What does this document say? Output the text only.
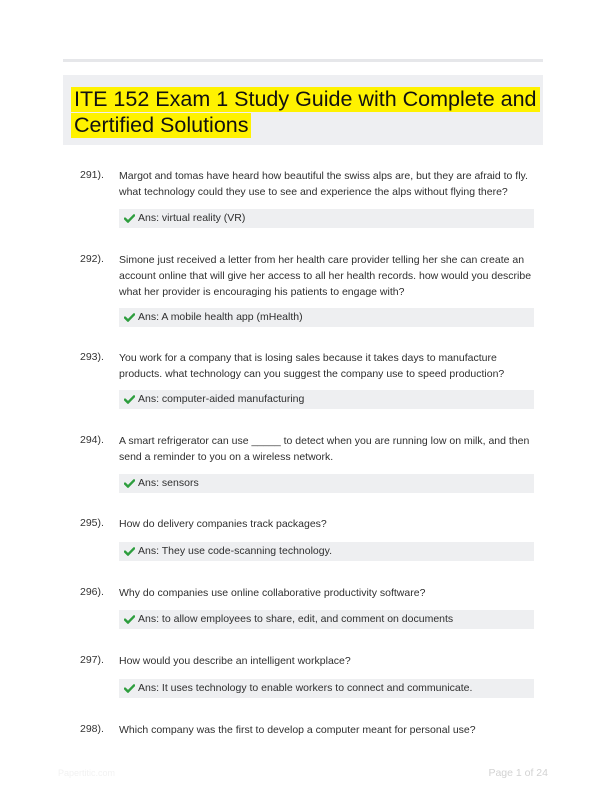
ITE 152 Exam 1 Study Guide with Complete and Certified Solutions
291). Margot and tomas have heard how beautiful the swiss alps are, but they are afraid to fly. what technology could they use to see and experience the alps without flying there?
Ans: virtual reality (VR)
292). Simone just received a letter from her health care provider telling her she can create an account online that will give her access to all her health records. how would you describe what her provider is encouraging his patients to engage with?
Ans: A mobile health app (mHealth)
293). You work for a company that is losing sales because it takes days to manufacture products. what technology can you suggest the company use to speed production?
Ans: computer-aided manufacturing
294). A smart refrigerator can use _____ to detect when you are running low on milk, and then send a reminder to you on a wireless network.
Ans: sensors
295). How do delivery companies track packages?
Ans: They use code-scanning technology.
296). Why do companies use online collaborative productivity software?
Ans: to allow employees to share, edit, and comment on documents
297). How would you describe an intelligent workplace?
Ans: It uses technology to enable workers to connect and communicate.
298). Which company was the first to develop a computer meant for personal use?
Papertitic.com	Page 1 of 24
